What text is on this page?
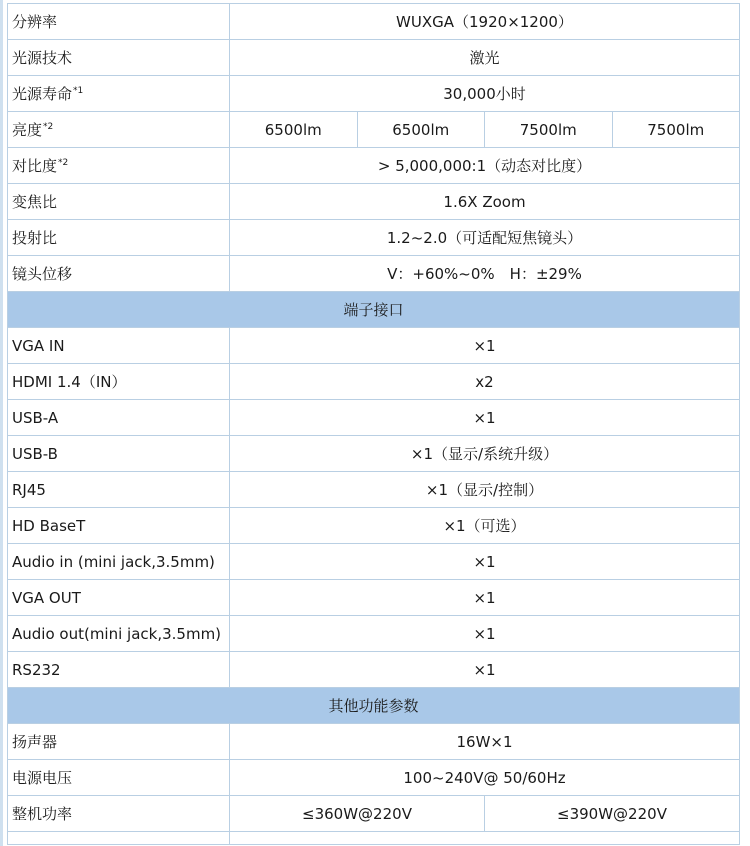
分辨率	WUXGA（1920×1200）			
光源技术	激光			
光源寿命$^{*1}$	30,000小时			
亮度$^{*2}$	6500lm	6500lm	7500lm	7500lm
对比度$^{*2}$	> 5,000,000:1（动态对比度）			
变焦比	1.6X Zoom			
投射比	1.2~2.0（可适配短焦镜头）			
镜头位移	V：+60%~0%　H：±29%			
端子接口				
VGA IN	×1			
HDMI 1.4（IN）	x2			
USB-A	×1			
USB-B	×1（显示/系统升级）			
RJ45	×1（显示/控制）			
HD BaseT	×1（可选）			
Audio in (mini jack,3.5mm)	×1			
VGA OUT	×1			
Audio out(mini jack,3.5mm)	×1			
RS232	×1			
其他功能参数				
扬声器	16W×1			
电源电压	100~240V@ 50/60Hz			
整机功率	≤360W@220V		≤390W@220V	
